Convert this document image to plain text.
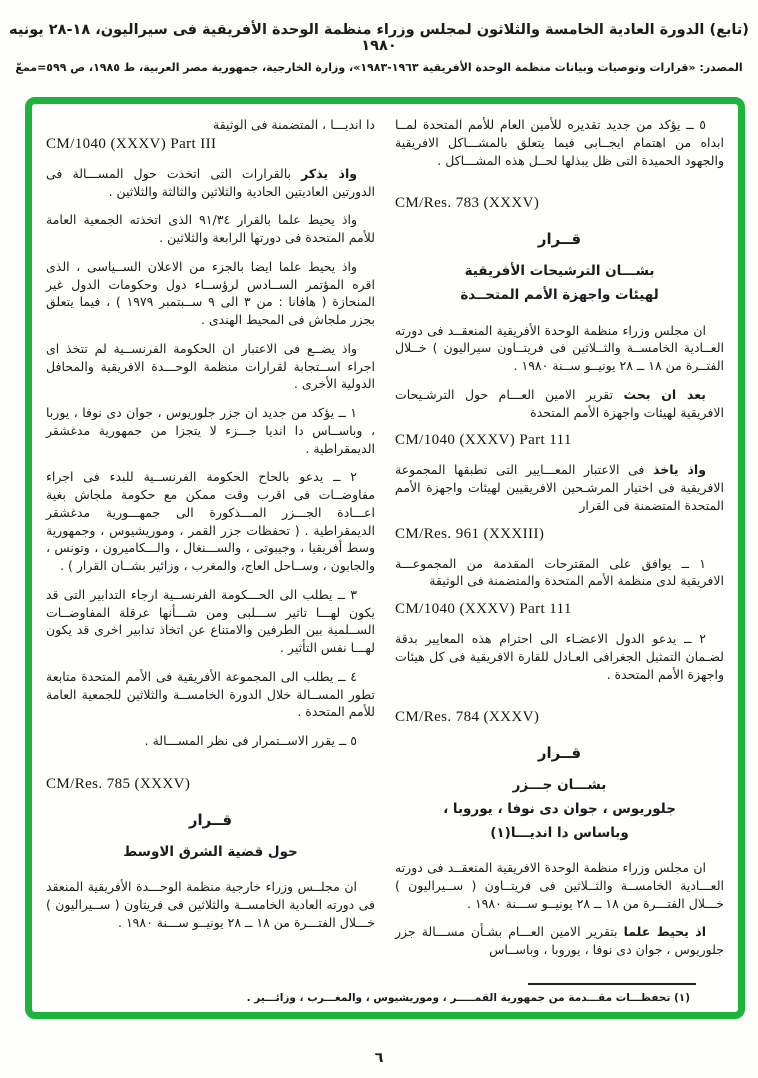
(تابع) الدورة العادية الخامسة والثلاثون لمجلس وزراء منظمة الوحدة الأفريقية فى سيراليون، ١٨-٢٨ يونيه ١٩٨٠
المصدر: «قرارات وتوصيات وبيانات منظمة الوحدة الأفريقية ١٩٦٣-١٩٨٣»، وزارة الخارجية، جمهورية مصر العربية، ط ١٩٨٥، ص ٥٩٩=ممعّ

٥ ــ يؤكد من جديد تقديره للأمين العام للأمم المتحدة لمــا ابداه من اهتمام ايجــابى فيما يتعلق بالمشـــاكل الافريقية والجهود الحميدة التى ظل يبذلها لحــل هذه المشـــاكل .

CM/Res. 783 (XXXV)
قــرار
بشـــان الترشيحات الأفريقية
لهيئات واجهزة الأمم المتحــدة

ان مجلس وزراء منظمة الوحدة الأفريقية المنعقــد فى دورته العــادية الخامســة والثــلاثين فى فريتــاون سيراليون ) خــلال الفتــرة من ١٨ ــ ٢٨ يونيــو ســنة ١٩٨٠ .

بعد ان بحث تقرير الامين العـــام حول الترشـيحات الافريقية لهيئات واجهزة الأمم المتحدة

CM/1040 (XXXV) Part 111

واذ ياخذ فى الاعتبار المعـــايير التى تطبقها المجموعة الافريقية فى اختيار المرشـحين الافريقيين لهيئات واجهزة الأمم المتحدة المتضمنة فى القرار

CM/Res. 961 (XXXIII)

١ ــ يوافق على المقترحات المقدمة من المجموعـــة الافريقية لدى منظمة الأمم المتحدة والمتضمنة فى الوثيقة

CM/1040 (XXXV) Part 111

٢ ــ يدعو الدول الاعضـاء الى احترام هذه المعايير بدقة لضـمان التمثيل الجغرافى العـادل للقارة الافريقية فى كل هيئات واجهزة الأمم المتحدة .

CM/Res. 784 (XXXV)
قــرار
بشـــان جـــزر
جلوريوس ، جوان دى نوفا ، يوروبا ،
وباساس دا انديـــا(١)

ان مجلس وزراء منظمة الوحدة الافريقية المنعقــد فى دورته العـــادية الخامســة والثــلاثين فى فريتــاون ( ســيراليون ) خـــلال الفتـــرة من ١٨ ــ ٢٨ يونيــو ســـنة ١٩٨٠ .

اذ يحيط علما بتقرير الامين العـــام بشـأن مســـالة جزر جلوريوس ، جوان دى نوفا ، يوروبا ، وباســاس

دا انديـــا ، المتضمنة فى الوثيقة

CM/1040 (XXXV) Part III

واذ يذكر بالقرارات التى اتخذت حول المســـالة فى الدورتين العاديتين الحادية والثلاثين والثالثة والثلاثين .

واذ يحيط علما بالقرار ٩١/٣٤ الذى اتخذته الجمعية العامة للأمم المتحدة فى دورتها الرابعة والثلاثين .

واذ يحيط علما ايضا بالجزء من الاعلان الســياسى ، الذى اقره المؤتمر الســادس لرؤســاء دول وحكومات الدول غير المنحازة ( هافانا : من ٣ الى ٩ ســبتمبر ١٩٧٩ ) ، فيما يتعلق بجزر ملجاش فى المحيط الهندى .

واذ يضــع فى الاعتبار ان الحكومة الفرنســية لم تتخذ اى اجراء اســتجابة لقرارات منظمة الوحـــدة الافريقية والمحافل الدولية الأخرى .

١ ــ يؤكد من جديد ان جزر جلوريوس ، جوان دى نوفا ، يوربا ، وباســاس دا انديا جـــزء لا يتجزا من جمهورية مدغشقر الديمقراطية .

٢ ــ يدعو بالحاح الحكومة الفرنســية للبدء فى اجراء مفاوضــات فى اقرب وقت ممكن مع حكومة ملجاش بغية اعـــادة الجـــزر المـــذكورة الى جمهـــورية مدغشقر الديمقراطية . ( تحفظات جزر القمر ، وموريشيوس ، وجمهورية وسط أفريقيا ، وجيبوتى ، والســـنغال ، والـــكاميرون ، وتونس ، والجابون ، وســاحل العاج، والمغرب ، وزائير بشــان القرار ) .

٣ ــ يطلب الى الحـــكومة الفرنســية ارجاء التدابير التى قد يكون لهـــا تاثير ســـلبى ومن شـــأنها عرقلة المفاوضــات الســلمية بين الطرفين والامتناع عن اتخاذ تدابير اخرى قد يكون لهـــا نفس التأثير .

٤ ــ يطلب الى المجموعة الأفريقية فى الأمم المتحدة متابعة تطور المســالة خلال الدورة الخامســة والثلاثين للجمعية العامة للأمم المتحدة .

٥ ــ يقرر الاســتمرار فى نظر المســـالة .

CM/Res. 785 (XXXV)
قــرار
حول قضية الشرق الاوسط

ان مجلــس وزراء خارجية منظمة الوحـــدة الأفريقية المنعقد فى دورته العادية الخامســة والثلاثين فى فريتاون ( ســيراليون ) خـــلال الفتـــرة من ١٨ ــ ٢٨ يونيــو ســـنة ١٩٨٠ .

(١) تحفظـــات مقـــدمة من جمهورية القمـــــر ، وموريشيوس ، والمغـــرب ، وزائـــير .
٦
